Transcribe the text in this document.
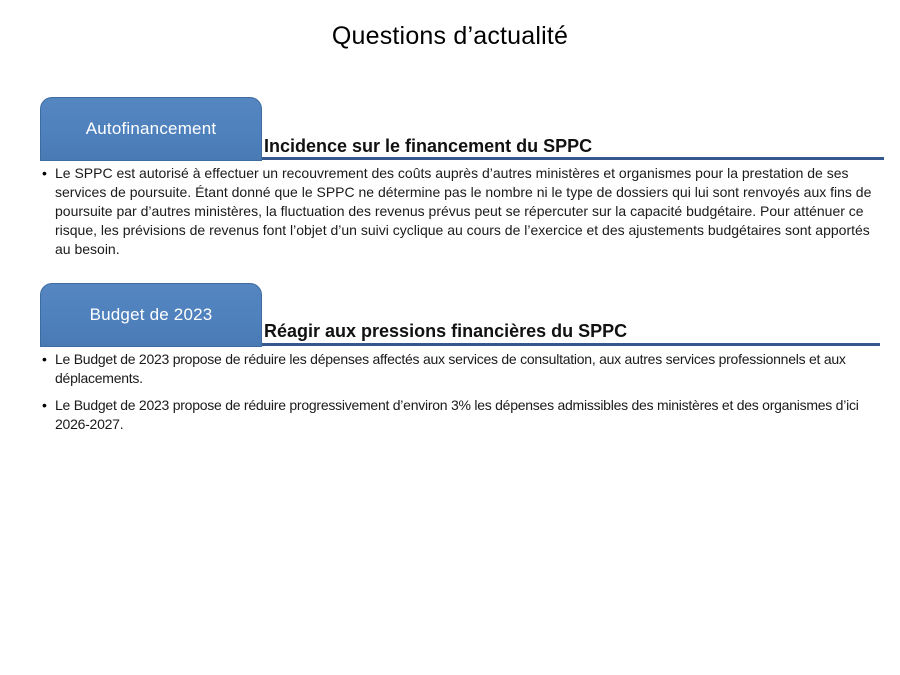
Questions d’actualité
Autofinancement
Incidence sur le financement du SPPC
• Le SPPC est autorisé à effectuer un recouvrement des coûts auprès d’autres ministères et organismes pour la prestation de ses services de poursuite. Étant donné que le SPPC ne détermine pas le nombre ni le type de dossiers qui lui sont renvoyés aux fins de poursuite par d’autres ministères, la fluctuation des revenus prévus peut se répercuter sur la capacité budgétaire. Pour atténuer ce risque, les prévisions de revenus font l’objet d’un suivi cyclique au cours de l’exercice et des ajustements budgétaires sont apportés au besoin.
Budget de 2023
Réagir aux pressions financières du SPPC
• Le Budget de 2023 propose de réduire les dépenses affectés aux services de consultation, aux autres services professionnels et aux déplacements.
• Le Budget de 2023 propose de réduire progressivement d’environ 3% les dépenses admissibles des ministères et des organismes d’ici 2026-2027.
